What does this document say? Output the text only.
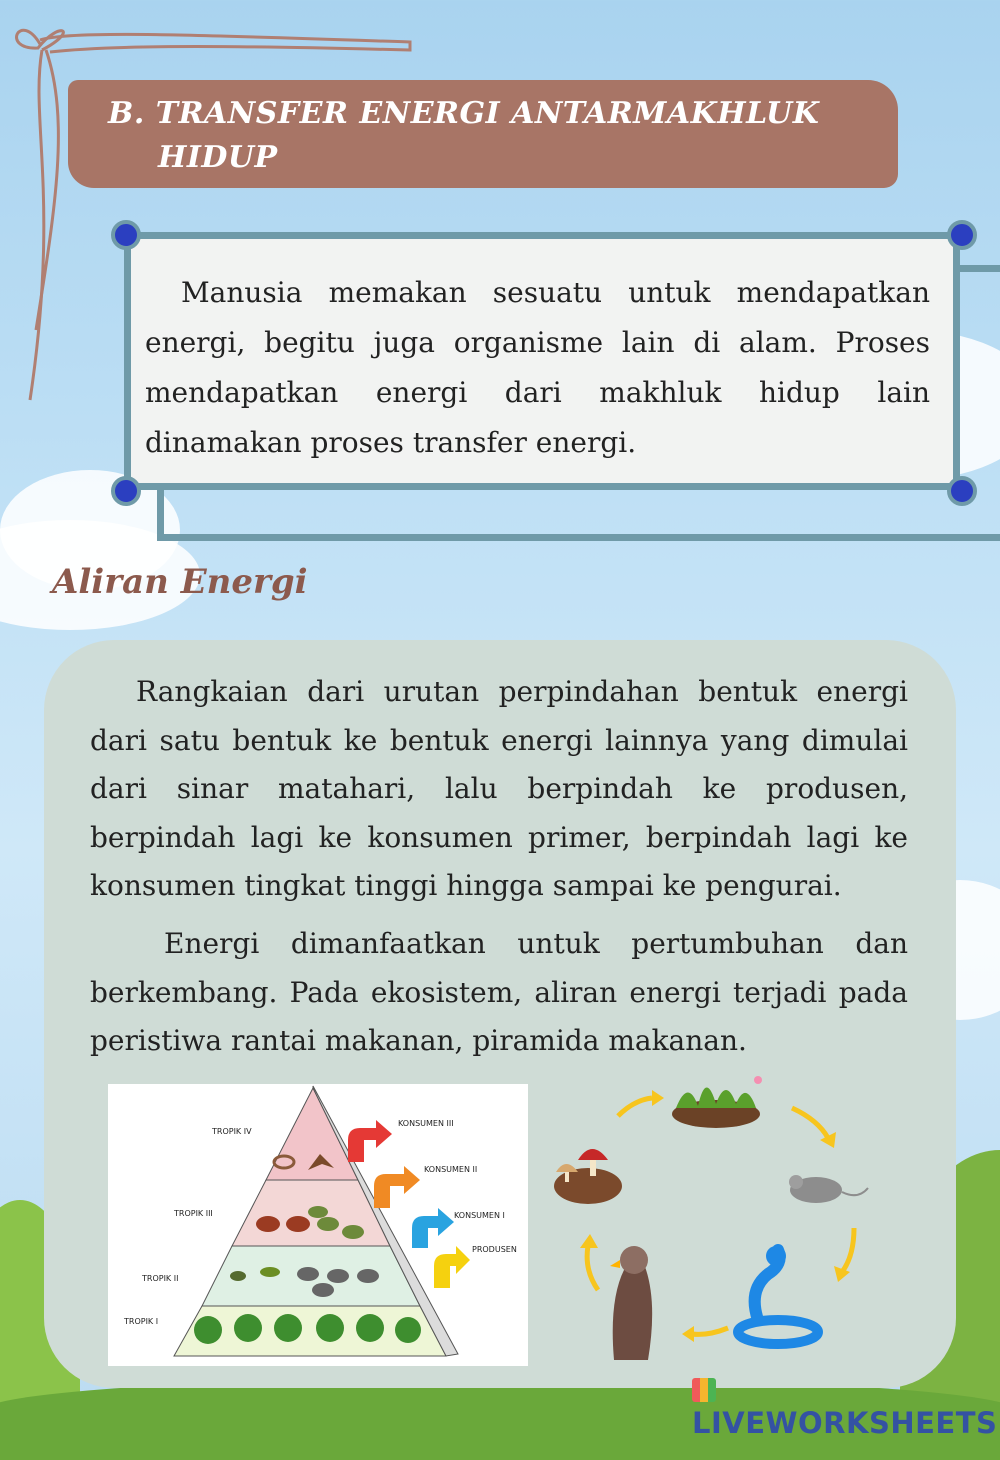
B. TRANSFER ENERGI ANTARMAKHLUK
HIDUP

Manusia memakan sesuatu untuk mendapatkan energi, begitu juga organisme lain di alam. Proses mendapatkan energi dari makhluk hidup lain dinamakan proses transfer energi.

Aliran Energi

Rangkaian dari urutan perpindahan bentuk energi dari satu bentuk ke bentuk energi lainnya yang dimulai dari sinar matahari, lalu berpindah ke produsen, berpindah lagi ke konsumen primer, berpindah lagi ke konsumen tingkat tinggi hingga sampai ke pengurai.

Energi dimanfaatkan untuk pertumbuhan dan berkembang. Pada ekosistem, aliran energi terjadi pada peristiwa rantai makanan, piramida makanan.

TROPIK IV
TROPIK III
TROPIK II
TROPIK I
KONSUMEN III
KONSUMEN II
KONSUMEN I
PRODUSEN
LIVEWORKSHEETS
